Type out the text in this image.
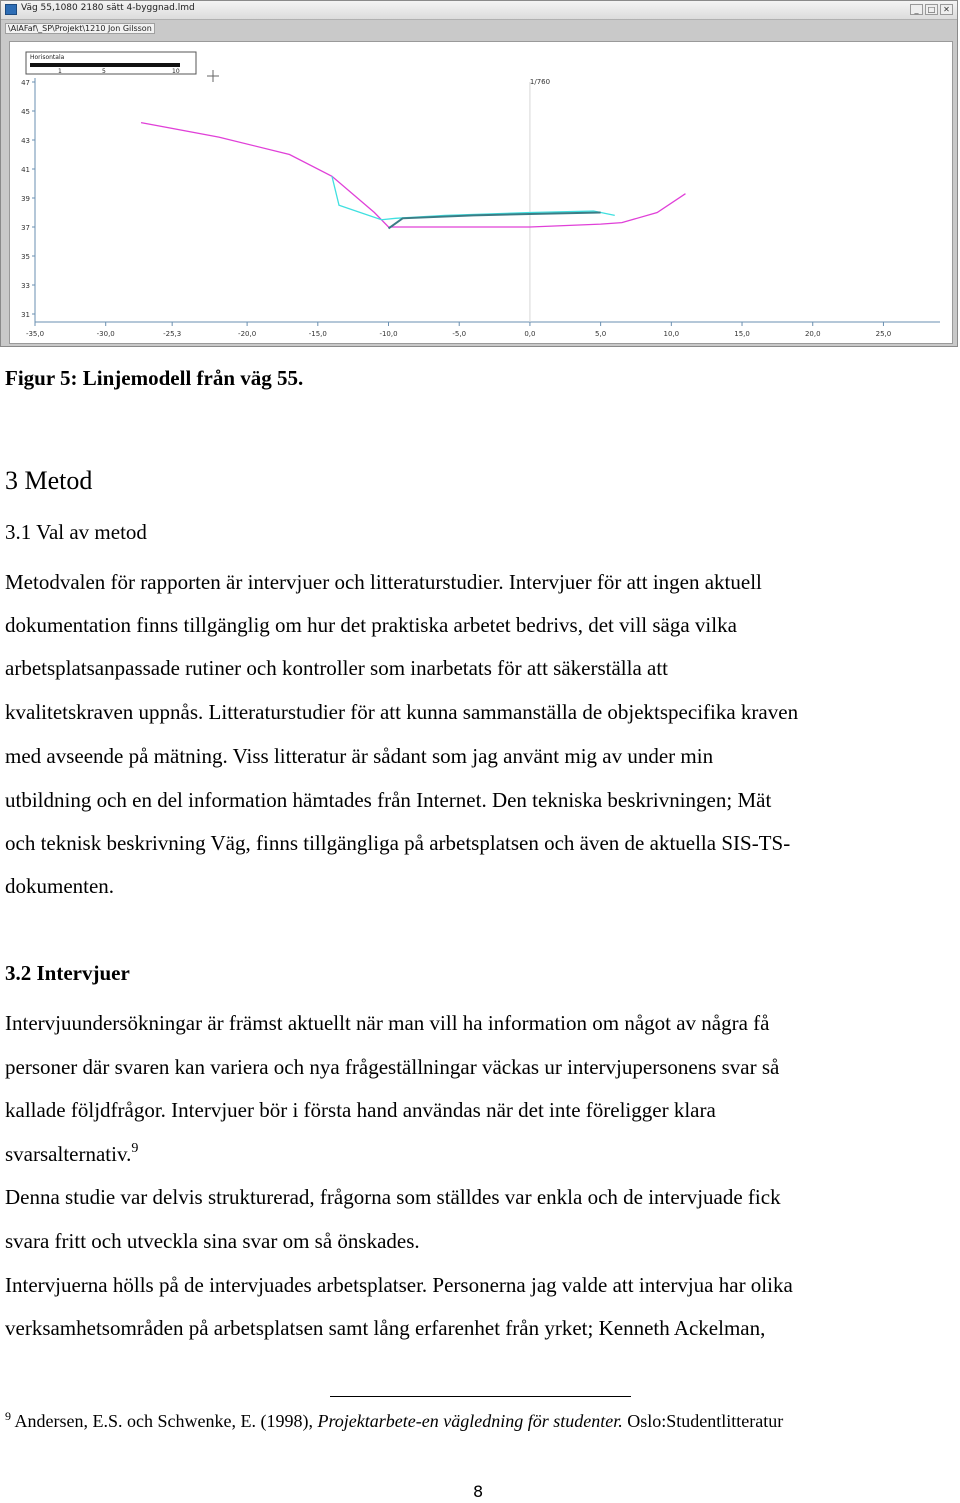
Väg 55,1080 2180 sätt 4-byggnad.lmd	_	□ ✕
\AlAFaf\_SP\Projekt\1210 Jon Gilsson
Horisontala
1	5	10
1/760
47
45
43
41
39
37
35
33
31
-35,0	-30,0	-25,3	-20,0	-15,0	-10,0	-5,0	0,0	5,0	10,0	15,0	20,0	25,0
Figur 5: Linjemodell från väg 55.
3 Metod
3.1 Val av metod
Metodvalen för rapporten är intervjuer och litteraturstudier. Intervjuer för att ingen aktuell
dokumentation finns tillgänglig om hur det praktiska arbetet bedrivs, det vill säga vilka
arbetsplatsanpassade rutiner och kontroller som inarbetats för att säkerställa att
kvalitetskraven uppnås. Litteraturstudier för att kunna sammanställa de objektspecifika kraven
med avseende på mätning. Viss litteratur är sådant som jag använt mig av under min
utbildning och en del information hämtades från Internet. Den tekniska beskrivningen; Mät
och teknisk beskrivning Väg, finns tillgängliga på arbetsplatsen och även de aktuella SIS-TS-
dokumenten.
3.2 Intervjuer
Intervjuundersökningar är främst aktuellt när man vill ha information om något av några få
personer där svaren kan variera och nya frågeställningar väckas ur intervjupersonens svar så
kallade följdfrågor. Intervjuer bör i första hand användas när det inte föreligger klara
svarsalternativ.$^9$
Denna studie var delvis strukturerad, frågorna som ställdes var enkla och de intervjuade fick
svara fritt och utveckla sina svar om så önskades.
Intervjuerna hölls på de intervjuades arbetsplatser. Personerna jag valde att intervjua har olika
verksamhetsområden på arbetsplatsen samt lång erfarenhet från yrket; Kenneth Ackelman,
$^9$ Andersen, E.S. och Schwenke, E. (1998), Projektarbete-en vägledning för studenter. Oslo:Studentlitteratur
8
